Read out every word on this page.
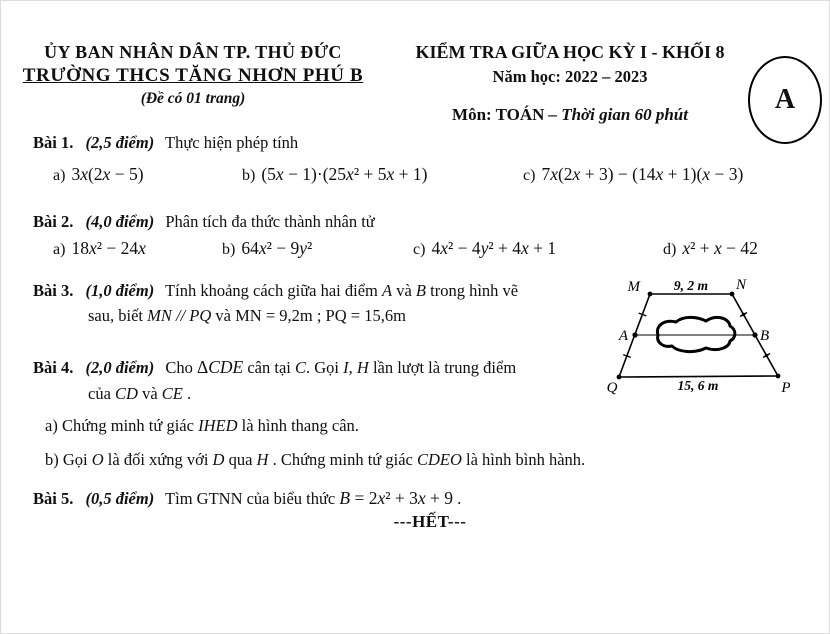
ỦY BAN NHÂN DÂN TP. THỦ ĐỨC
TRƯỜNG THCS TĂNG NHƠN PHÚ B
(Đề có 01 trang)
KIỂM TRA GIỮA HỌC KỲ I - KHỐI 8
Năm học: 2022 – 2023
Môn: TOÁN – Thời gian 60 phút	A
Bài 1. (2,5 điểm) Thực hiện phép tính
a) 3x(2x − 5)	b) (5x − 1)·(25x² + 5x + 1)	c) 7x(2x + 3) − (14x + 1)(x − 3)
Bài 2. (4,0 điểm) Phân tích đa thức thành nhân tử
a) 18x² − 24x	b) 64x² − 9y²	c) 4x² − 4y² + 4x + 1	d) x² + x − 42
Bài 3. (1,0 điểm) Tính khoảng cách giữa hai điểm A và B trong hình vẽ
sau, biết MN // PQ và MN = 9,2m ; PQ = 15,6m
M	9, 2 m N
A	B
Q	15, 6 m	P
Bài 4. (2,0 điểm) Cho ΔCDE cân tại C. Gọi I, H lần lượt là trung điểm
của CD và CE .
a) Chứng minh tứ giác IHED là hình thang cân.
b) Gọi O là đối xứng với D qua H . Chứng minh tứ giác CDEO là hình bình hành.
Bài 5. (0,5 điểm) Tìm GTNN của biểu thức B = 2x² + 3x + 9 .
---HẾT---
